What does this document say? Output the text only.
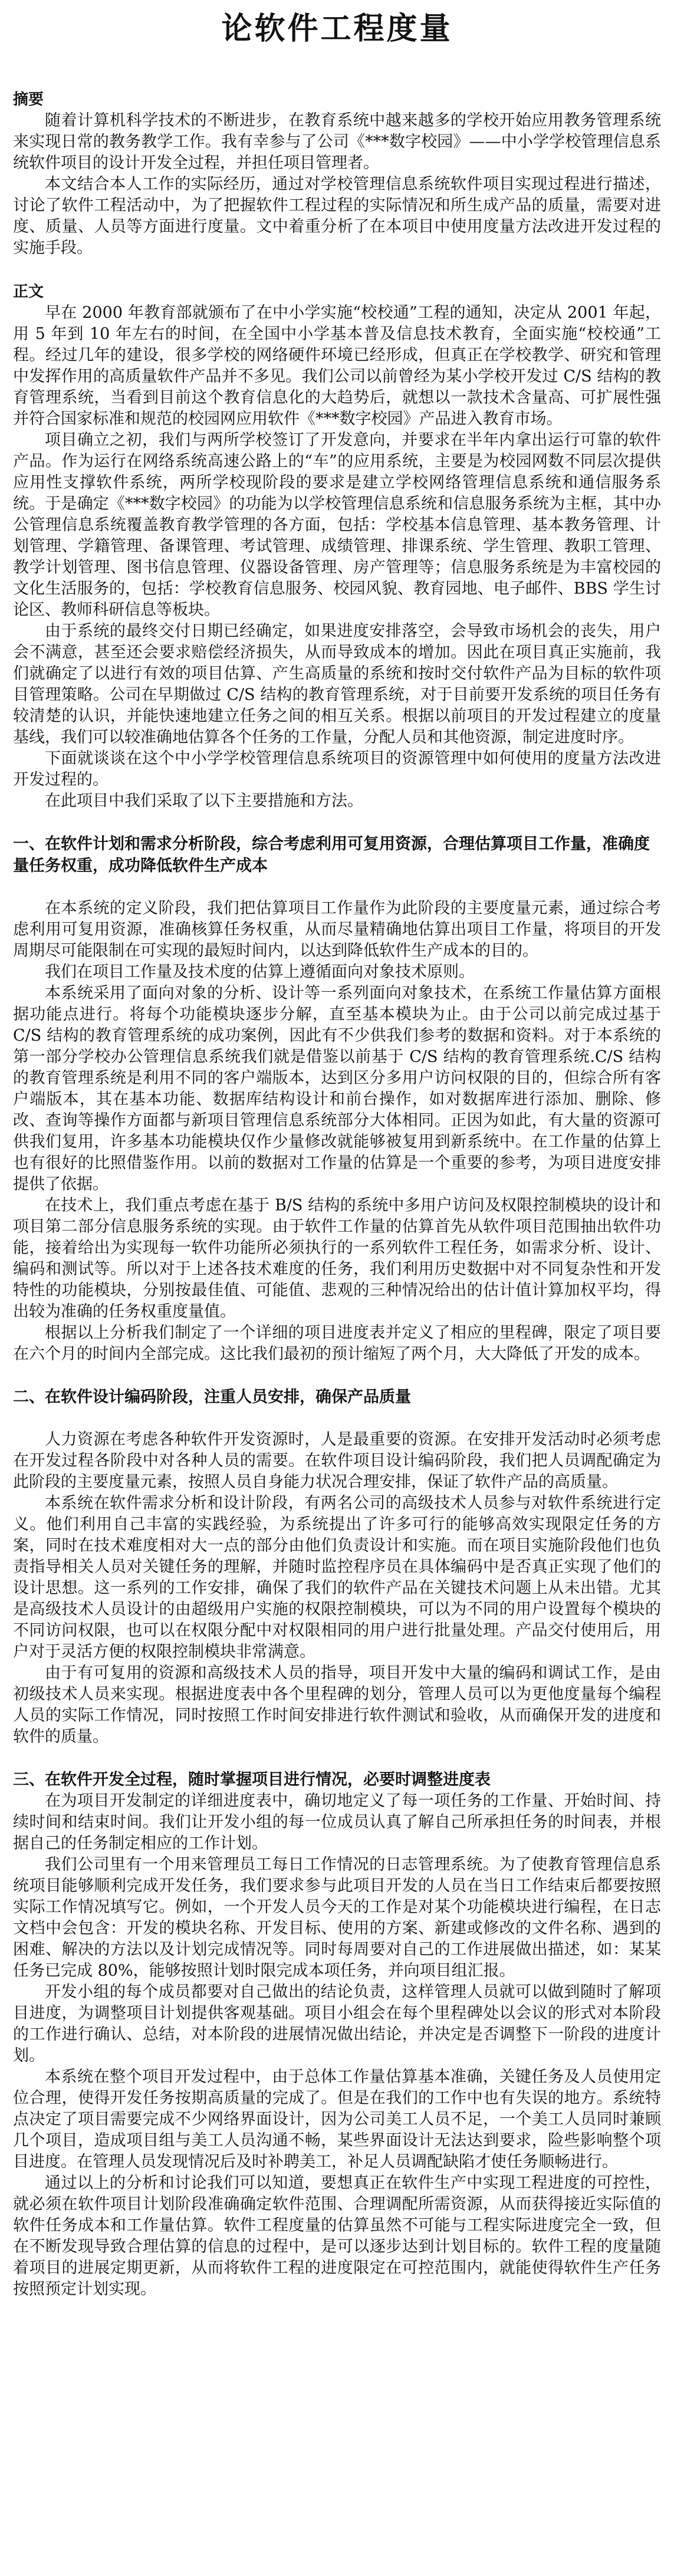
论软件工程度量
摘要

随着计算机科学技术的不断进步，在教育系统中越来越多的学校开始应用教务管理系统来实现日常的教务教学工作。我有幸参与了公司《***数字校园》——中小学学校管理信息系统软件项目的设计开发全过程，并担任项目管理者。

本文结合本人工作的实际经历，通过对学校管理信息系统软件项目实现过程进行描述，讨论了软件工程活动中，为了把握软件工程过程的实际情况和所生成产品的质量，需要对进度、质量、人员等方面进行度量。文中着重分析了在本项目中使用度量方法改进开发过程的实施手段。

正文

早在 2000 年教育部就颁布了在中小学实施“校校通”工程的通知，决定从 2001 年起，用 5 年到 10 年左右的时间，在全国中小学基本普及信息技术教育，全面实施“校校通”工程。经过几年的建设，很多学校的网络硬件环境已经形成，但真正在学校教学、研究和管理中发挥作用的高质量软件产品并不多见。我们公司以前曾经为某小学校开发过 C/S 结构的教育管理系统，当看到目前这个教育信息化的大趋势后，就想以一款技术含量高、可扩展性强并符合国家标准和规范的校园网应用软件《***数字校园》产品进入教育市场。

项目确立之初，我们与两所学校签订了开发意向，并要求在半年内拿出运行可靠的软件产品。作为运行在网络系统高速公路上的“车”的应用系统，主要是为校园网数不同层次提供应用性支撑软件系统，两所学校现阶段的要求是建立学校网络管理信息系统和通信服务系统。于是确定《***数字校园》的功能为以学校管理信息系统和信息服务系统为主框，其中办公管理信息系统覆盖教育教学管理的各方面，包括：学校基本信息管理、基本教务管理、计划管理、学籍管理、备课管理、考试管理、成绩管理、排课系统、学生管理、教职工管理、教学计划管理、图书信息管理、仪器设备管理、房产管理等；信息服务系统是为丰富校园的文化生活服务的，包括：学校教育信息服务、校园风貌、教育园地、电子邮件、BBS 学生讨论区、教师科研信息等板块。

由于系统的最终交付日期已经确定，如果进度安排落空，会导致市场机会的丧失，用户会不满意，甚至还会要求赔偿经济损失，从而导致成本的增加。因此在项目真正实施前，我们就确定了以进行有效的项目估算、产生高质量的系统和按时交付软件产品为目标的软件项目管理策略。公司在早期做过 C/S 结构的教育管理系统，对于目前要开发系统的项目任务有较清楚的认识，并能快速地建立任务之间的相互关系。根据以前项目的开发过程建立的度量基线，我们可以较准确地估算各个任务的工作量，分配人员和其他资源，制定进度时序。

下面就谈谈在这个中小学学校管理信息系统项目的资源管理中如何使用的度量方法改进开发过程的。

在此项目中我们采取了以下主要措施和方法。

一、在软件计划和需求分析阶段，综合考虑利用可复用资源，合理估算项目工作量，准确度量任务权重，成功降低软件生产成本

在本系统的定义阶段，我们把估算项目工作量作为此阶段的主要度量元素，通过综合考虑利用可复用资源，准确核算任务权重，从而尽量精确地估算出项目工作量，将项目的开发周期尽可能限制在可实现的最短时间内，以达到降低软件生产成本的目的。

我们在项目工作量及技术度的估算上遵循面向对象技术原则。

本系统采用了面向对象的分析、设计等一系列面向对象技术，在系统工作量估算方面根据功能点进行。将每个功能模块逐步分解，直至基本模块为止。由于公司以前完成过基于 C/S 结构的教育管理系统的成功案例，因此有不少供我们参考的数据和资料。对于本系统的第一部分学校办公管理信息系统我们就是借鉴以前基于 C/S 结构的教育管理系统.C/S 结构的教育管理系统是利用不同的客户端版本，达到区分多用户访问权限的目的，但综合所有客户端版本，其在基本功能、数据库结构设计和前台操作，如对数据库进行添加、删除、修改、查询等操作方面都与新项目管理信息系统部分大体相同。正因为如此，有大量的资源可供我们复用，许多基本功能模块仅作少量修改就能够被复用到新系统中。在工作量的估算上也有很好的比照借鉴作用。以前的数据对工作量的估算是一个重要的参考，为项目进度安排提供了依据。

在技术上，我们重点考虑在基于 B/S 结构的系统中多用户访问及权限控制模块的设计和项目第二部分信息服务系统的实现。由于软件工作量的估算首先从软件项目范围抽出软件功能，接着给出为实现每一软件功能所必须执行的一系列软件工程任务，如需求分析、设计、编码和测试等。所以对于上述各技术难度的任务，我们利用历史数据中对不同复杂性和开发特性的功能模块，分别按最佳值、可能值、悲观的三种情况给出的估计值计算加权平均，得出较为准确的任务权重度量值。

根据以上分析我们制定了一个详细的项目进度表并定义了相应的里程碑，限定了项目要在六个月的时间内全部完成。这比我们最初的预计缩短了两个月，大大降低了开发的成本。

二、在软件设计编码阶段，注重人员安排，确保产品质量

人力资源在考虑各种软件开发资源时，人是最重要的资源。在安排开发活动时必须考虑在开发过程各阶段中对各种人员的需要。在软件项目设计编码阶段，我们把人员调配确定为此阶段的主要度量元素，按照人员自身能力状况合理安排，保证了软件产品的高质量。

本系统在软件需求分析和设计阶段，有两名公司的高级技术人员参与对软件系统进行定义。他们利用自己丰富的实践经验，为系统提出了许多可行的能够高效实现限定任务的方案，同时在技术难度相对大一点的部分由他们负责设计和实施。而在项目实施阶段他们也负责指导相关人员对关键任务的理解，并随时监控程序员在具体编码中是否真正实现了他们的设计思想。这一系列的工作安排，确保了我们的软件产品在关键技术问题上从未出错。尤其是高级技术人员设计的由超级用户实施的权限控制模块，可以为不同的用户设置每个模块的不同访问权限，也可以在权限分配中对权限相同的用户进行批量处理。产品交付使用后，用户对于灵活方便的权限控制模块非常满意。

由于有可复用的资源和高级技术人员的指导，项目开发中大量的编码和调试工作，是由初级技术人员来实现。根据进度表中各个里程碑的划分，管理人员可以为更他度量每个编程人员的实际工作情况，同时按照工作时间安排进行软件测试和验收，从而确保开发的进度和软件的质量。

三、在软件开发全过程，随时掌握项目进行情况，必要时调整进度表

在为项目开发制定的详细进度表中，确切地定义了每一项任务的工作量、开始时间、持续时间和结束时间。我们让开发小组的每一位成员认真了解自己所承担任务的时间表，并根据自己的任务制定相应的工作计划。

我们公司里有一个用来管理员工每日工作情况的日志管理系统。为了使教育管理信息系统项目能够顺利完成开发任务，我们要求参与此项目开发的人员在当日工作结束后都要按照实际工作情况填写它。例如，一个开发人员今天的工作是对某个功能模块进行编程，在日志文档中会包含：开发的模块名称、开发目标、使用的方案、新建或修改的文件名称、遇到的困难、解决的方法以及计划完成情况等。同时每周要对自己的工作进展做出描述，如：某某任务已完成 80%，能够按照计划时限完成本项任务，并向项目组汇报。

开发小组的每个成员都要对自己做出的结论负责，这样管理人员就可以做到随时了解项目进度，为调整项目计划提供客观基础。项目小组会在每个里程碑处以会议的形式对本阶段的工作进行确认、总结，对本阶段的进展情况做出结论，并决定是否调整下一阶段的进度计划。

本系统在整个项目开发过程中，由于总体工作量估算基本准确，关键任务及人员使用定位合理，使得开发任务按期高质量的完成了。但是在我们的工作中也有失误的地方。系统特点决定了项目需要完成不少网络界面设计，因为公司美工人员不足，一个美工人员同时兼顾几个项目，造成项目组与美工人员沟通不畅，某些界面设计无法达到要求，险些影响整个项目进度。在管理人员发现情况后及时补聘美工，补足人员调配缺陷才使任务顺畅进行。

通过以上的分析和讨论我们可以知道，要想真正在软件生产中实现工程进度的可控性，就必须在软件项目计划阶段准确确定软件范围、合理调配所需资源，从而获得接近实际值的软件任务成本和工作量估算。软件工程度量的估算虽然不可能与工程实际进度完全一致，但在不断发现导致合理估算的信息的过程中，是可以逐步达到计划目标的。软件工程的度量随着项目的进展定期更新，从而将软件工程的进度限定在可控范围内，就能使得软件生产任务按照预定计划实现。
